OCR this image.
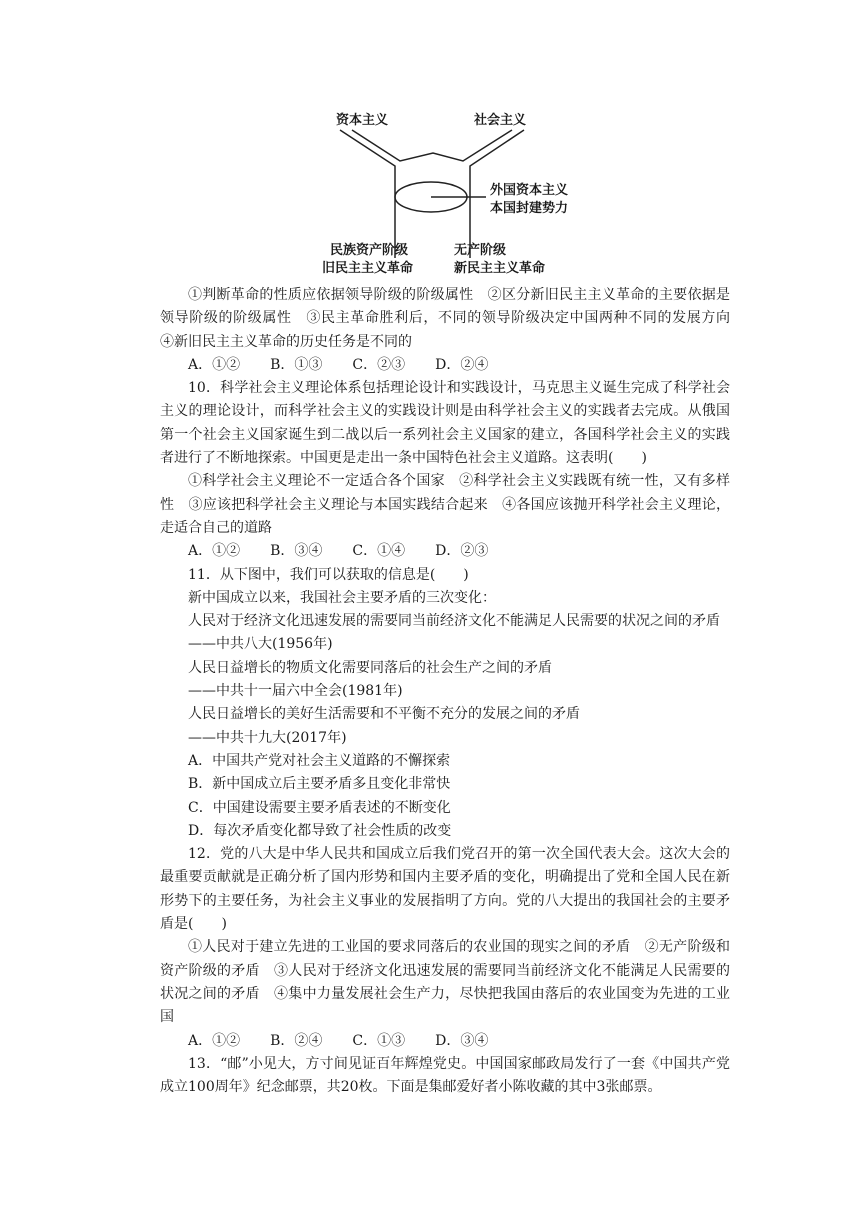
资本主义	社会主义
外国资本主义
本国封建势力
民族资产阶级
旧民主主义革命
无产阶级
新民主主义革命

①判断革命的性质应依据领导阶级的阶级属性　②区分新旧民主主义革命的主要依据是领导阶级的阶级属性　③民主革命胜利后，不同的领导阶级决定中国两种不同的发展方向　④新旧民主主义革命的历史任务是不同的

A．①② B．①③ C．②③ D．②④

10．科学社会主义理论体系包括理论设计和实践设计，马克思主义诞生完成了科学社会主义的理论设计，而科学社会主义的实践设计则是由科学社会主义的实践者去完成。从俄国第一个社会主义国家诞生到二战以后一系列社会主义国家的建立，各国科学社会主义的实践者进行了不断地探索。中国更是走出一条中国特色社会主义道路。这表明(　　)

①科学社会主义理论不一定适合各个国家　②科学社会主义实践既有统一性，又有多样性　③应该把科学社会主义理论与本国实践结合起来　④各国应该抛开科学社会主义理论，走适合自己的道路

A．①② B．③④ C．①④ D．②③

11．从下图中，我们可以获取的信息是(　　)

新中国成立以来，我国社会主要矛盾的三次变化：

人民对于经济文化迅速发展的需要同当前经济文化不能满足人民需要的状况之间的矛盾

——中共八大(1956年)

人民日益增长的物质文化需要同落后的社会生产之间的矛盾

——中共十一届六中全会(1981年)

人民日益增长的美好生活需要和不平衡不充分的发展之间的矛盾

——中共十九大(2017年)

A．中国共产党对社会主义道路的不懈探索

B．新中国成立后主要矛盾多且变化非常快

C．中国建设需要主要矛盾表述的不断变化

D．每次矛盾变化都导致了社会性质的改变

12．党的八大是中华人民共和国成立后我们党召开的第一次全国代表大会。这次大会的最重要贡献就是正确分析了国内形势和国内主要矛盾的变化，明确提出了党和全国人民在新形势下的主要任务，为社会主义事业的发展指明了方向。党的八大提出的我国社会的主要矛盾是(　　)

①人民对于建立先进的工业国的要求同落后的农业国的现实之间的矛盾　②无产阶级和资产阶级的矛盾　③人民对于经济文化迅速发展的需要同当前经济文化不能满足人民需要的状况之间的矛盾　④集中力量发展社会生产力，尽快把我国由落后的农业国变为先进的工业国

A．①② B．②④ C．①③ D．③④

13．“邮”小见大，方寸间见证百年辉煌党史。中国国家邮政局发行了一套《中国共产党成立100周年》纪念邮票，共20枚。下面是集邮爱好者小陈收藏的其中3张邮票。
